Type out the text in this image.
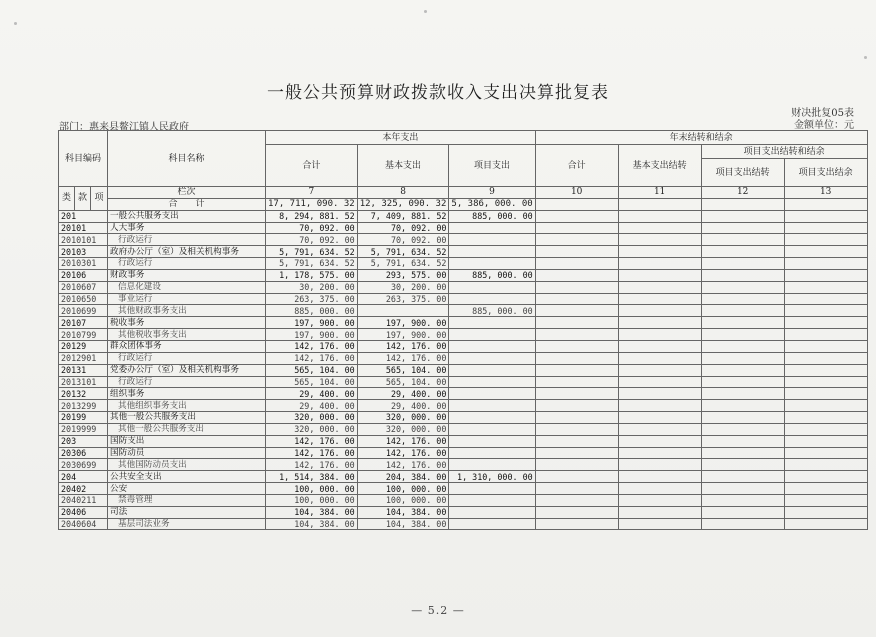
一般公共预算财政拨款收入支出决算批复表
财决批复05表
金额单位：元
部门：惠来县鳌江镇人民政府
科目编码			科目名称	本年支出			年末结转和结余			
				合计	基本支出	项目支出	合计	基本支出结转	项目支出结转和结余	
									项目支出结转	项目支出结余
类	款	项	栏次	7	8	9	10	11	12	13
			合　　计	17, 711, 090. 32	12, 325, 090. 32	5, 386, 000. 00				
201			一般公共服务支出	8, 294, 881. 52	7, 409, 881. 52	885, 000. 00				
20101			人大事务	70, 092. 00	70, 092. 00					
2010101			行政运行	70, 092. 00	70, 092. 00					
20103			政府办公厅（室）及相关机构事务	5, 791, 634. 52	5, 791, 634. 52					
2010301			行政运行	5, 791, 634. 52	5, 791, 634. 52					
20106			财政事务	1, 178, 575. 00	293, 575. 00	885, 000. 00				
2010607			信息化建设	30, 200. 00	30, 200. 00					
2010650			事业运行	263, 375. 00	263, 375. 00					
2010699			其他财政事务支出	885, 000. 00		885, 000. 00				
20107			税收事务	197, 900. 00	197, 900. 00					
2010799			其他税收事务支出	197, 900. 00	197, 900. 00					
20129			群众团体事务	142, 176. 00	142, 176. 00					
2012901			行政运行	142, 176. 00	142, 176. 00					
20131			党委办公厅（室）及相关机构事务	565, 104. 00	565, 104. 00					
2013101			行政运行	565, 104. 00	565, 104. 00					
20132			组织事务	29, 400. 00	29, 400. 00					
2013299			其他组织事务支出	29, 400. 00	29, 400. 00					
20199			其他一般公共服务支出	320, 000. 00	320, 000. 00					
2019999			其他一般公共服务支出	320, 000. 00	320, 000. 00					
203			国防支出	142, 176. 00	142, 176. 00					
20306			国防动员	142, 176. 00	142, 176. 00					
2030699			其他国防动员支出	142, 176. 00	142, 176. 00					
204			公共安全支出	1, 514, 384. 00	204, 384. 00	1, 310, 000. 00				
20402			公安	100, 000. 00	100, 000. 00					
2040211			禁毒管理	100, 000. 00	100, 000. 00					
20406			司法	104, 384. 00	104, 384. 00					
2040604			基层司法业务	104, 384. 00	104, 384. 00					
— 5.2 —
